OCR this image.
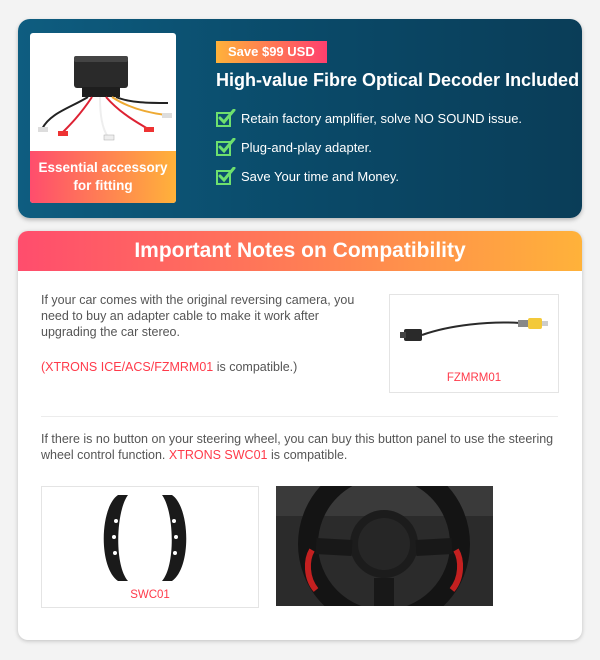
Essential accessory for fitting
Save $99 USD
High-value Fibre Optical Decoder Included
Retain factory amplifier, solve NO SOUND issue.
Plug-and-play adapter.
Save Your time and Money.
Important Notes on Compatibility
If your car comes with the original reversing camera, you need to buy an adapter cable to make it work after upgrading the car stereo.
(XTRONS ICE/ACS/FZMRM01 is compatible.)
FZMRM01
If there is no button on your steering wheel, you can buy this button panel to use the steering wheel control function. XTRONS SWC01 is compatible.
SWC01
